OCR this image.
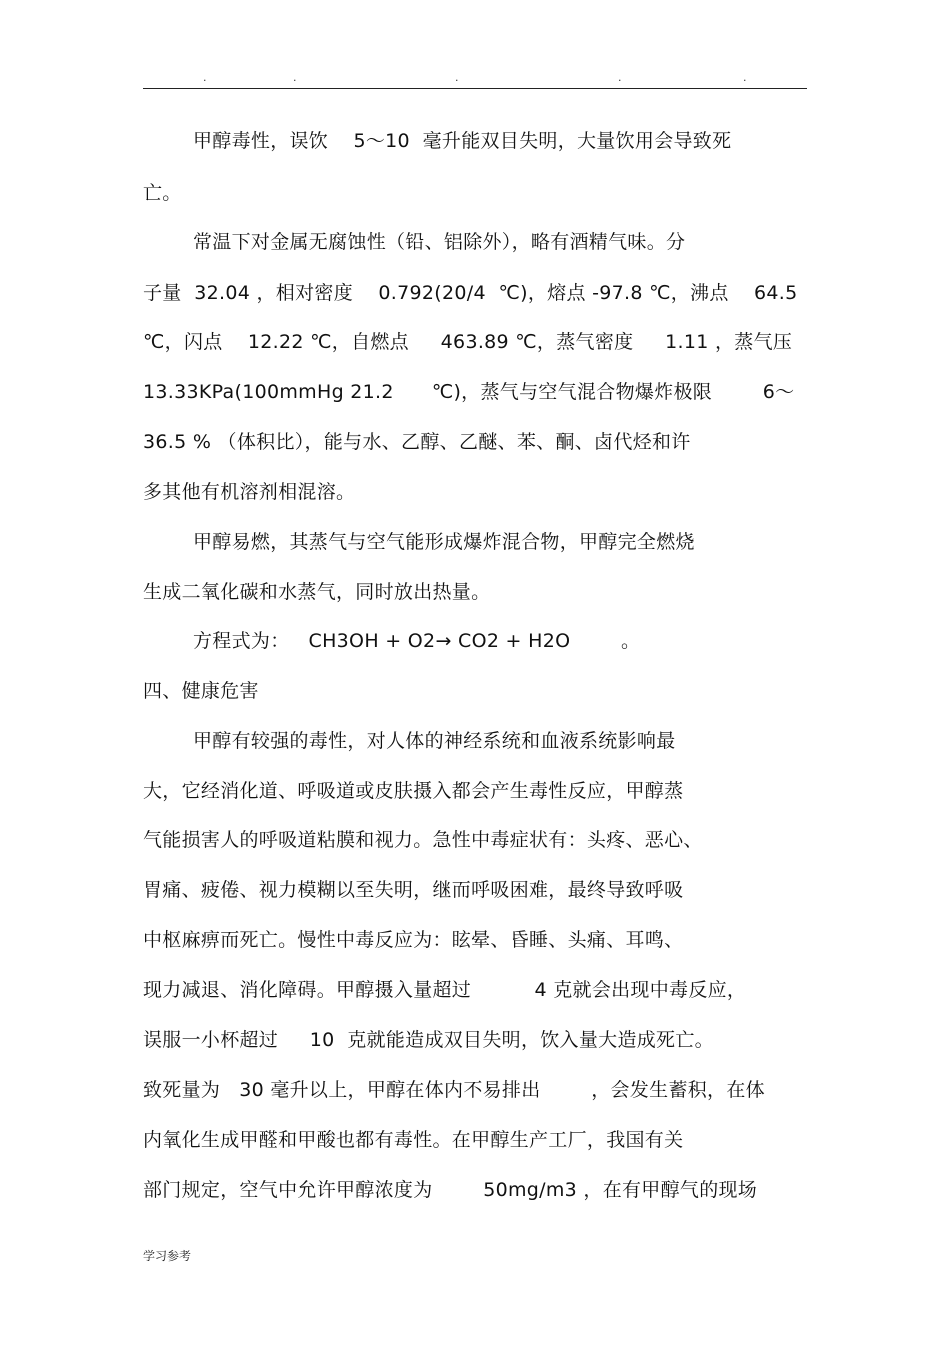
.	.	.	.	.
甲醇毒性，误饮    5～10  毫升能双目失明，大量饮用会导致死
亡。
常温下对金属无腐蚀性（铅、铝除外），略有酒精气味。分
子量  32.04 ，相对密度    0.792(20/4  ℃)，熔点 -97.8 ℃，沸点    64.5
℃，闪点    12.22 ℃，自燃点     463.89 ℃，蒸气密度     1.11 ，蒸气压
13.33KPa(100mmHg 21.2      ℃)，蒸气与空气混合物爆炸极限        6～
36.5 % （体积比），能与水、乙醇、乙醚、苯、酮、卤代烃和许
多其他有机溶剂相混溶。
甲醇易燃，其蒸气与空气能形成爆炸混合物，甲醇完全燃烧
生成二氧化碳和水蒸气，同时放出热量。
方程式为：   CH3OH + O2→ CO2 + H2O        。
四、健康危害
甲醇有较强的毒性，对人体的神经系统和血液系统影响最
大，它经消化道、呼吸道或皮肤摄入都会产生毒性反应，甲醇蒸
气能损害人的呼吸道粘膜和视力。急性中毒症状有：头疼、恶心、
胃痛、疲倦、视力模糊以至失明，继而呼吸困难，最终导致呼吸
中枢麻痹而死亡。慢性中毒反应为：眩晕、昏睡、头痛、耳鸣、
现力减退、消化障碍。甲醇摄入量超过          4 克就会出现中毒反应，
误服一小杯超过     10  克就能造成双目失明，饮入量大造成死亡。
致死量为   30 毫升以上，甲醇在体内不易排出        ，会发生蓄积，在体
内氧化生成甲醛和甲酸也都有毒性。在甲醇生产工厂，我国有关
部门规定，空气中允许甲醇浓度为        50mg/m3 ，在有甲醇气的现场
学习参考
